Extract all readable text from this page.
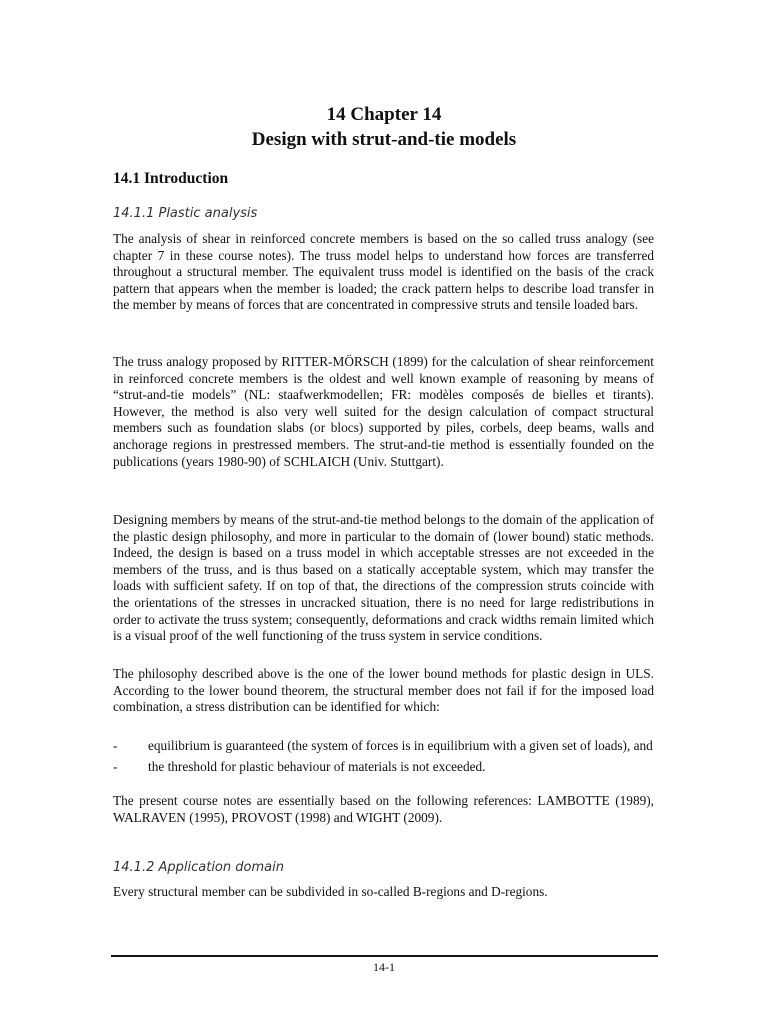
14 Chapter 14
Design with strut-and-tie models
14.1 Introduction
14.1.1 Plastic analysis

The analysis of shear in reinforced concrete members is based on the so called truss analogy (see chapter 7 in these course notes). The truss model helps to understand how forces are transferred throughout a structural member. The equivalent truss model is identified on the basis of the crack pattern that appears when the member is loaded; the crack pattern helps to describe load transfer in the member by means of forces that are concentrated in compressive struts and tensile loaded bars.

The truss analogy proposed by RITTER-MÖRSCH (1899) for the calculation of shear reinforcement in reinforced concrete members is the oldest and well known example of reasoning by means of “strut-and-tie models” (NL: staafwerkmodellen; FR: modèles composés de bielles et tirants). However, the method is also very well suited for the design calculation of compact structural members such as foundation slabs (or blocs) supported by piles, corbels, deep beams, walls and anchorage regions in prestressed members. The strut-and-tie method is essentially founded on the publications (years 1980-90) of SCHLAICH (Univ. Stuttgart).

Designing members by means of the strut-and-tie method belongs to the domain of the application of the plastic design philosophy, and more in particular to the domain of (lower bound) static methods. Indeed, the design is based on a truss model in which acceptable stresses are not exceeded in the members of the truss, and is thus based on a statically acceptable system, which may transfer the loads with sufficient safety. If on top of that, the directions of the compression struts coincide with the orientations of the stresses in uncracked situation, there is no need for large redistributions in order to activate the truss system; consequently, deformations and crack widths remain limited which is a visual proof of the well functioning of the truss system in service conditions.

The philosophy described above is the one of the lower bound methods for plastic design in ULS. According to the lower bound theorem, the structural member does not fail if for the imposed load combination, a stress distribution can be identified for which:

- equilibrium is guaranteed (the system of forces is in equilibrium with a given set of loads), and
- the threshold for plastic behaviour of materials is not exceeded.

The present course notes are essentially based on the following references: LAMBOTTE (1989), WALRAVEN (1995), PROVOST (1998) and WIGHT (2009).

14.1.2 Application domain

Every structural member can be subdivided in so-called B-regions and D-regions.

14-1
